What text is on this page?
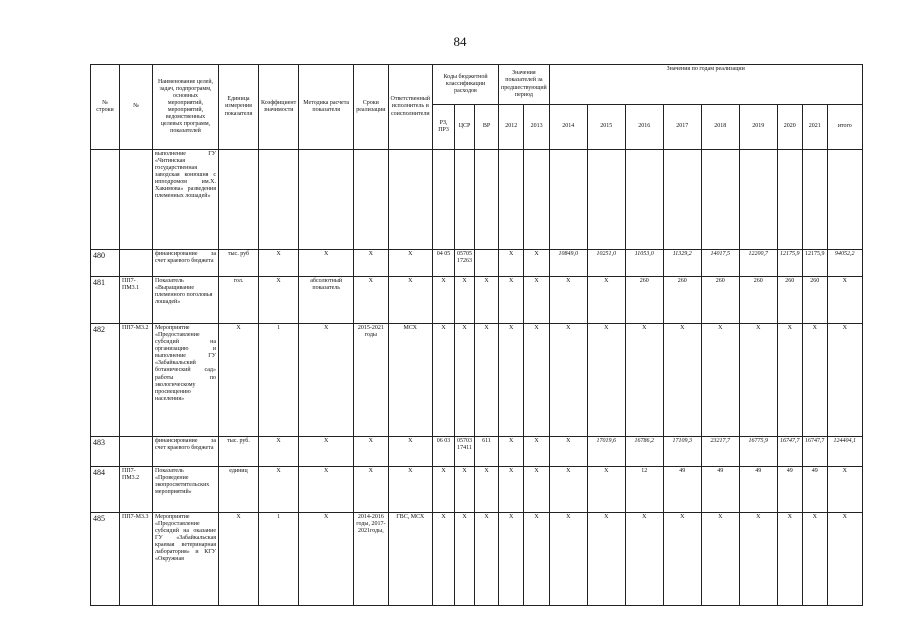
84
№ строки	№	Наименование целей, задач, подпрограмм, основных мероприятий, мероприятий, ведомственных целевых программ, показателей	Единица измерения показателя	Коэффициент значимости	Методика расчета показателя	Сроки реализации	Ответственный исполнитель и соисполнители	Коды бюджетной классификации расходов			Значения показателей за предшествующий период		Значения по годам реализации								
								РЗ, ПР3	ЦСР	ВР	2012	2013	2014	2015	2016	2017	2018	2019	2020	2021	итого
		выполнение ГУ «Читинская государственная заводская конюшня с ипподромом им.Х. Хакимова» разведения племенных лошадей»																			
480		финансирование за счет краевого бюджета	тыс. руб	Х	Х	Х	Х	04 05	05705 17263		Х	Х	10849,0	10251,0	11053,0	11329,2	14017,5	12200,7	12175,9	12175,9	94052,2
481	ПП7-ПМ3.1	Показатель «Выращивание племенного поголовья лошадей»	гол.	Х	абсолютный показатель	Х	Х	Х	Х	Х	Х	Х	Х	Х	260	260	260	260	260	260	Х
482	ПП7-М3.2	Мероприятие «Предоставление субсидий на организацию и выполнение ГУ «Забайкальский ботанический сад» работы по экологическому просвещению населения»	Х	1	Х	2015-2021 годы	МСХ	Х	Х	Х	Х	Х	Х	Х	Х	Х	Х	Х	Х	Х	Х
483		финансирование за счет краевого бюджета	тыс. руб.	Х	Х	Х	Х	06 03	05703 17411	611	Х	Х	Х	17019,6	16786,2	17109,3	23217,7	16775,9	16747,7	16747,7	124404,1
484	ПП7-ПМ3.2	Показатель «Проведение экопросветительских мероприятий»	единиц	Х	Х	Х	Х	Х	Х	Х	Х	Х	Х	Х	12	49	49	49	49	49	Х
485	ПП7-М3.3	Мероприятие «Предоставление субсидий на оказание ГУ «Забайкальская краевая ветеринарная лаборатория» и КГУ «Окружная	Х	1	Х	2014-2016 годы, 2017-2021годы,	ГВС, МСХ	Х	Х	Х	Х	Х	Х	Х	Х	Х	Х	Х	Х	Х	Х
